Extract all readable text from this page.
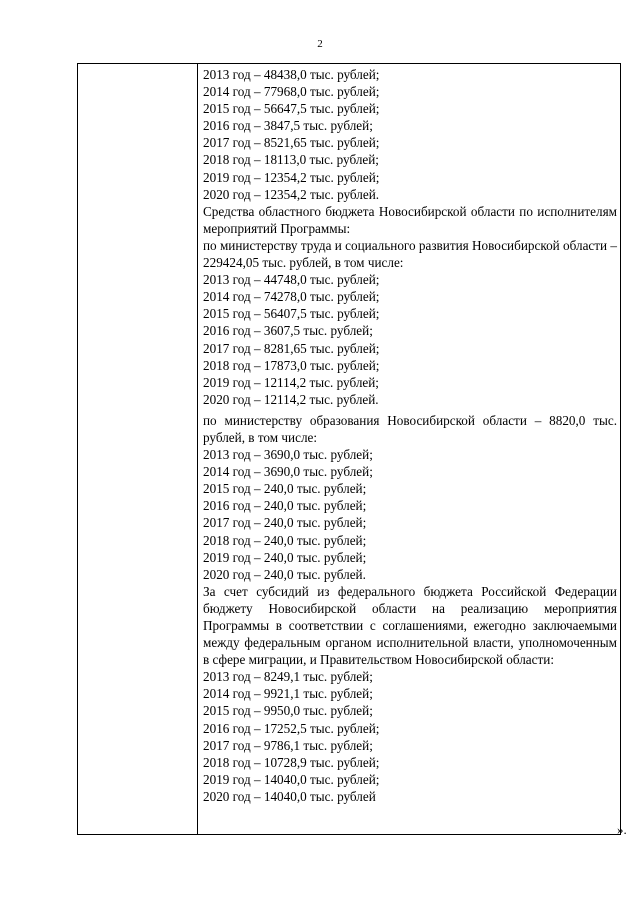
2
2013 год – 48438,0 тыс. рублей;
2014 год – 77968,0 тыс. рублей;
2015 год – 56647,5 тыс. рублей;
2016 год – 3847,5 тыс. рублей;
2017 год – 8521,65 тыс. рублей;
2018 год – 18113,0 тыс. рублей;
2019 год – 12354,2 тыс. рублей;
2020 год – 12354,2 тыс. рублей.
Средства областного бюджета Новосибирской области по исполнителям мероприятий Программы:
по министерству труда и социального развития Новосибирской области – 229424,05 тыс. рублей, в том числе:
2013 год – 44748,0 тыс. рублей;
2014 год – 74278,0 тыс. рублей;
2015 год – 56407,5 тыс. рублей;
2016 год – 3607,5 тыс. рублей;
2017 год – 8281,65 тыс. рублей;
2018 год – 17873,0 тыс. рублей;
2019 год – 12114,2 тыс. рублей;
2020 год – 12114,2 тыс. рублей.
по министерству образования Новосибирской области – 8820,0 тыс. рублей, в том числе:
2013 год – 3690,0 тыс. рублей;
2014 год – 3690,0 тыс. рублей;
2015 год – 240,0 тыс. рублей;
2016 год – 240,0 тыс. рублей;
2017 год – 240,0 тыс. рублей;
2018 год – 240,0 тыс. рублей;
2019 год – 240,0 тыс. рублей;
2020 год – 240,0 тыс. рублей.
За счет субсидий из федерального бюджета Российской Федерации бюджету Новосибирской области на реализацию мероприятия Программы в соответствии с соглашениями, ежегодно заключаемыми между федеральным органом исполнительной власти, уполномоченным в сфере миграции, и Правительством Новосибирской области:
2013 год – 8249,1 тыс. рублей;
2014 год – 9921,1 тыс. рублей;
2015 год – 9950,0 тыс. рублей;
2016 год – 17252,5 тыс. рублей;
2017 год – 9786,1 тыс. рублей;
2018 год – 10728,9 тыс. рублей;
2019 год – 14040,0 тыс. рублей;
2020 год – 14040,0 тыс. рублей
».
